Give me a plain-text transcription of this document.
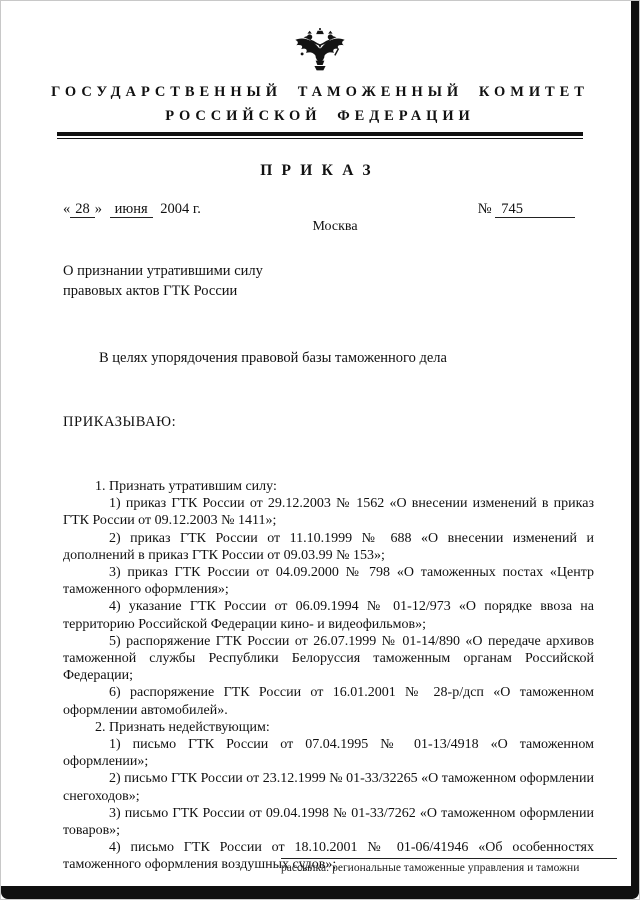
ГОСУДАРСТВЕННЫЙ ТАМОЖЕННЫЙ КОМИТЕТ
РОССИЙСКОЙ ФЕДЕРАЦИИ
ПРИКАЗ
« 28 » июня 2004 г.	№ 745
Москва
О признании утратившими силу
правовых актов ГТК России

В целях упорядочения правовой базы таможенного дела

ПРИКАЗЫВАЮ:

1. Признать утратившим силу:

1) приказ ГТК России от 29.12.2003 № 1562 «О внесении изменений в приказ ГТК России от 09.12.2003 № 1411»;

2) приказ ГТК России от 11.10.1999 № 688 «О внесении изменений и дополнений в приказ ГТК России от 09.03.99 № 153»;

3) приказ ГТК России от 04.09.2000 № 798 «О таможенных постах «Центр таможенного оформления»;

4) указание ГТК России от 06.09.1994 № 01-12/973 «О порядке ввоза на территорию Российской Федерации кино- и видеофильмов»;

5) распоряжение ГТК России от 26.07.1999 № 01-14/890 «О передаче архивов таможенной службы Республики Белоруссия таможенным органам Российской Федерации;

6) распоряжение ГТК России от 16.01.2001 № 28-р/дсп «О таможенном оформлении автомобилей».

2. Признать недействующим:

1) письмо ГТК России от 07.04.1995 № 01-13/4918 «О таможенном оформлении»;

2) письмо ГТК России от 23.12.1999 № 01-33/32265 «О таможенном оформлении снегоходов»;

3) письмо ГТК России от 09.04.1998 № 01-33/7262 «О таможенном оформлении товаров»;

4) письмо ГТК России от 18.10.2001 № 01-06/41946 «Об особенностях таможенного оформления воздушных судов»;

рассылка: региональные таможенные управления и таможни
